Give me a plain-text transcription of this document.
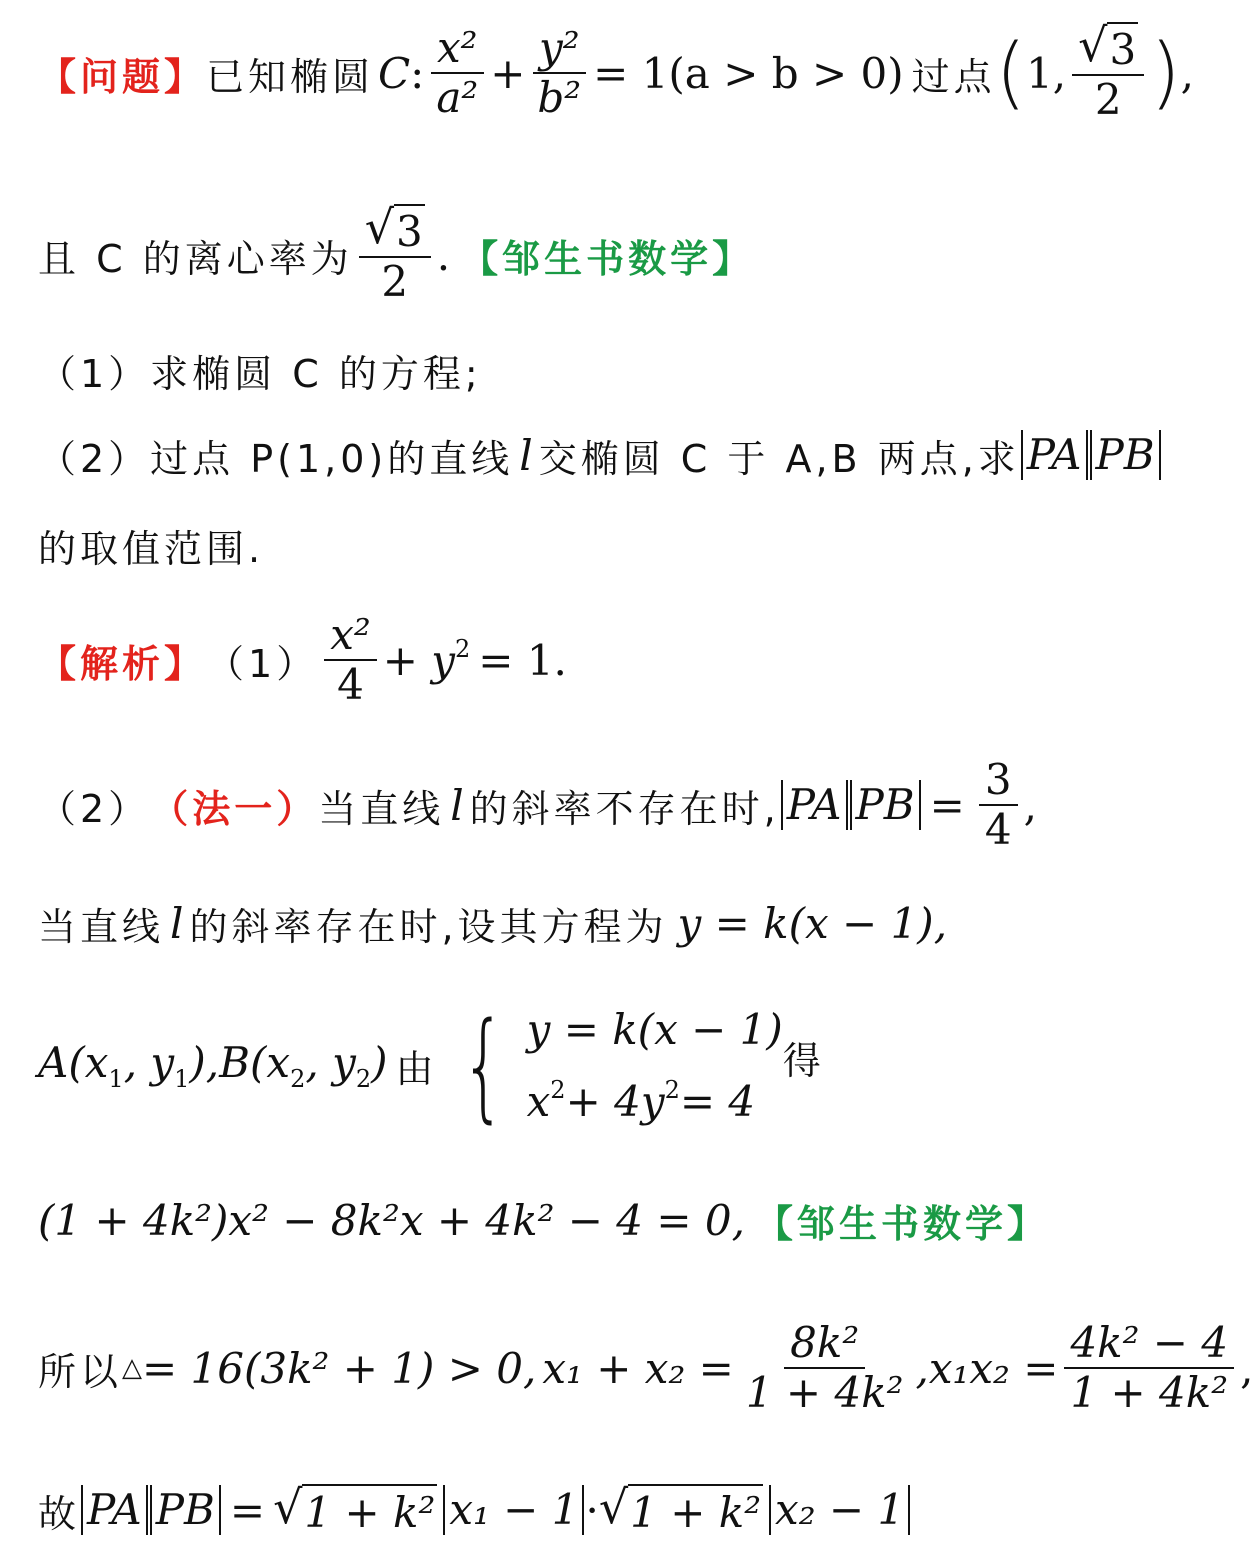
【问题】 已知椭圆 C : $\frac{\text{x²}}{\text{a²}} + \frac{\text{y²}}{\text{b²}} = 1(a > b > 0)$ 过点 ( 1, $\frac{√ 3}{2}$ ) ,
且 C 的离心率为 $\frac{√ 3}{2}$ . 【邹生书数学】
（1）求椭圆 C 的方程;
（2）过点 P(1,0)的直线 l 交椭圆 C 于 A,B 两点,求 PA PB
的取值范围.
【解析】 $(1) \frac{\text{x²}}{4} + y^2 = 1$.
（2） （法一） 当直线 l 的斜率不存在时, PA PB = $\frac{3}{4}$ ,
当直线 l 的斜率存在时,设其方程为 y = k(x − 1),
$A(x_1$, $y_1$), $B(x_2$, $y_2$) 由 { y = k(x − 1)
$x^2+ 4y^2= 4$
得
(1 + 4k²)x² − 8k²x + 4k² − 4 = 0, 【邹生书数学】
所以 △ = 16(3k² + 1) > 0, $x_1 + x_2 = \frac{\text{8k²}}{\text{1 + 4k²}} ,x_1x_2 = \frac{\text{4k² − 4}}{\text{1 + 4k²}}$ ,
故 PA PB = √ 1 + k² x₁ − 1 · √ 1 + k² x₂ − 1
